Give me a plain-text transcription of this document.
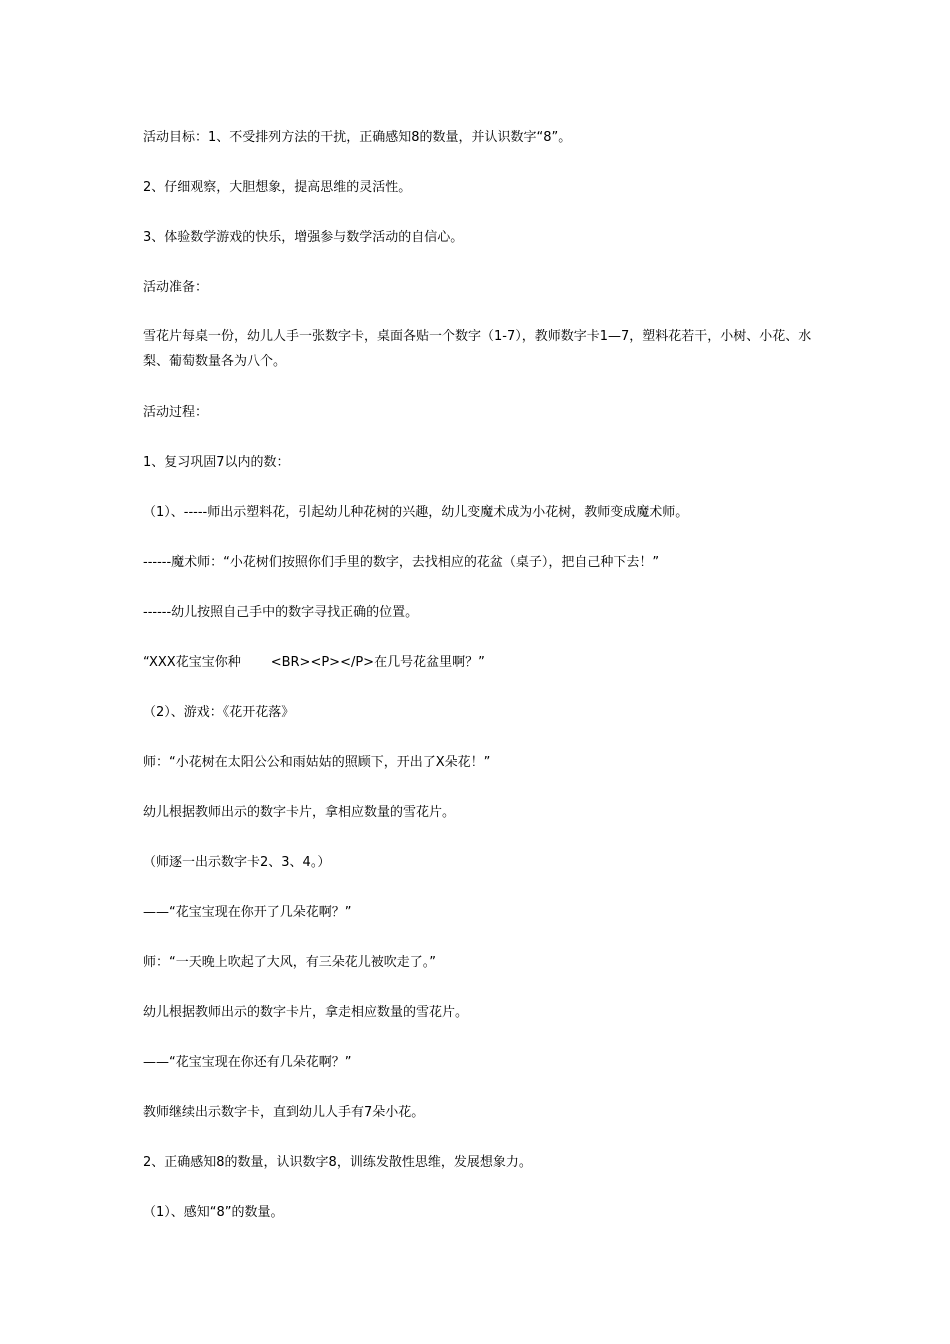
活动目标：1、不受排列方法的干扰，正确感知8的数量，并认识数字“8”。
2、仔细观察，大胆想象，提高思维的灵活性。
3、体验数学游戏的快乐，增强参与数学活动的自信心。
活动准备：
雪花片每桌一份，幼儿人手一张数字卡，桌面各贴一个数字（1-7），教师数字卡1—7，塑料花若干，小树、小花、水梨、葡萄数量各为八个。
活动过程：
1、复习巩固7以内的数：
（1）、-----师出示塑料花，引起幼儿种花树的兴趣，幼儿变魔术成为小花树，教师变成魔术师。
------魔术师：“小花树们按照你们手里的数字，去找相应的花盆（桌子），把自己种下去！”
------幼儿按照自己手中的数字寻找正确的位置。
“XXX花宝宝你种 <BR><P></P>在几号花盆里啊？”
（2）、游戏：《花开花落》
师：“小花树在太阳公公和雨姑姑的照顾下，开出了X朵花！”
幼儿根据教师出示的数字卡片，拿相应数量的雪花片。
（师逐一出示数字卡2、3、4。）
——“花宝宝现在你开了几朵花啊？”
师：“一天晚上吹起了大风，有三朵花儿被吹走了。”
幼儿根据教师出示的数字卡片，拿走相应数量的雪花片。
——“花宝宝现在你还有几朵花啊？”
教师继续出示数字卡，直到幼儿人手有7朵小花。
2、正确感知8的数量，认识数字8，训练发散性思维，发展想象力。
（1）、感知“8”的数量。
